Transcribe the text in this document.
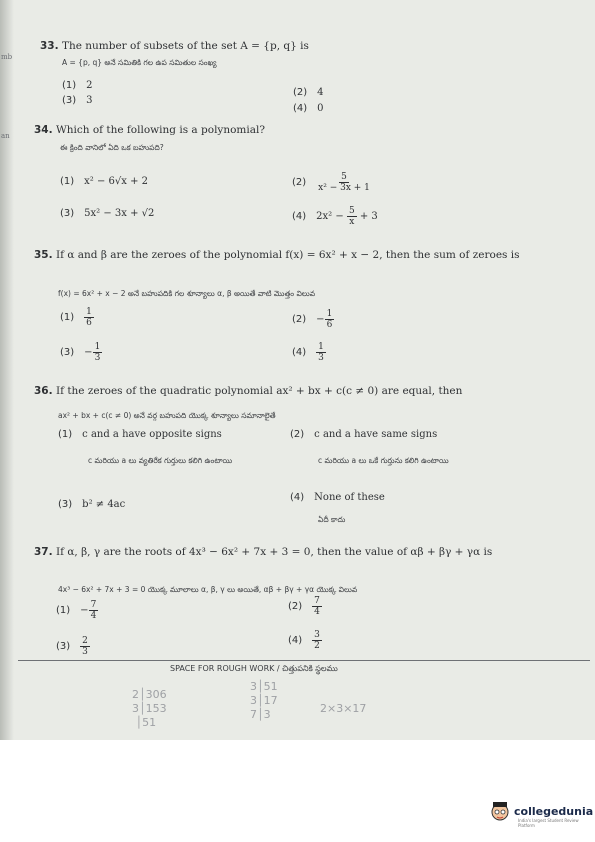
mb
an
33. The number of subsets of the set A = {p, q} is
A = {p, q} అనే సమితికి గల ఉప సమితుల సంఖ్య
(1) 2
(2) 4
(3) 3
(4) 0
34. Which of the following is a polynomial?
ఈ క్రింది వానిలో ఏది ఒక బహుపది?
(1) x² − 6√x + 2	$(2) \frac{5}{\text{x² − 3x + 1}}$
(3) 5x² − 3x + √2	(4) $2x^2 - \frac{5}{x} + 3$
35. If α and β are the zeroes of the polynomial f(x) = 6x² + x − 2, then the sum of zeroes is
f(x) = 6x² + x − 2 అనే బహుపదికి గల శూన్యాలు α, β అయితే వాటి మొత్తం విలువ
$(1) \frac{1}{6}$	$(2) - \frac{1}{6}$
$(3) - \frac{1}{3}$	$(4) \frac{1}{3}$
36. If the zeroes of the quadratic polynomial ax² + bx + c(c ≠ 0) are equal, then
ax² + bx + c(c ≠ 0) అనే వర్గ బహుపది యొక్క శూన్యాలు సమానాలైతే
(1) c and a have opposite signs
c మరియు a లు వ్యతిరేక గుర్తులు కలిగి ఉంటాయి
(2) c and a have same signs
c మరియు a లు ఒకే గుర్తును కలిగి ఉంటాయి
(3) b² ≠ 4ac
(4) None of these
ఏదీ కాదు
37. If α, β, γ are the roots of 4x³ − 6x² + 7x + 3 = 0, then the value of αβ + βγ + γα is
4x³ − 6x² + 7x + 3 = 0 యొక్క మూలాలు α, β, γ లు అయితే, αβ + βγ + γα యొక్క విలువ
$(1) - \frac{7}{4}$	$(2) \frac{7}{4}$
$(3) \frac{2}{3}$	$(4) \frac{3}{2}$
SPACE FOR ROUGH WORK / చిత్తుపనికి స్థలము
2│306
3│153
│51
3│51
3│17
7│3	2×3×17
collegedunia
India's largest Student Review Platform
